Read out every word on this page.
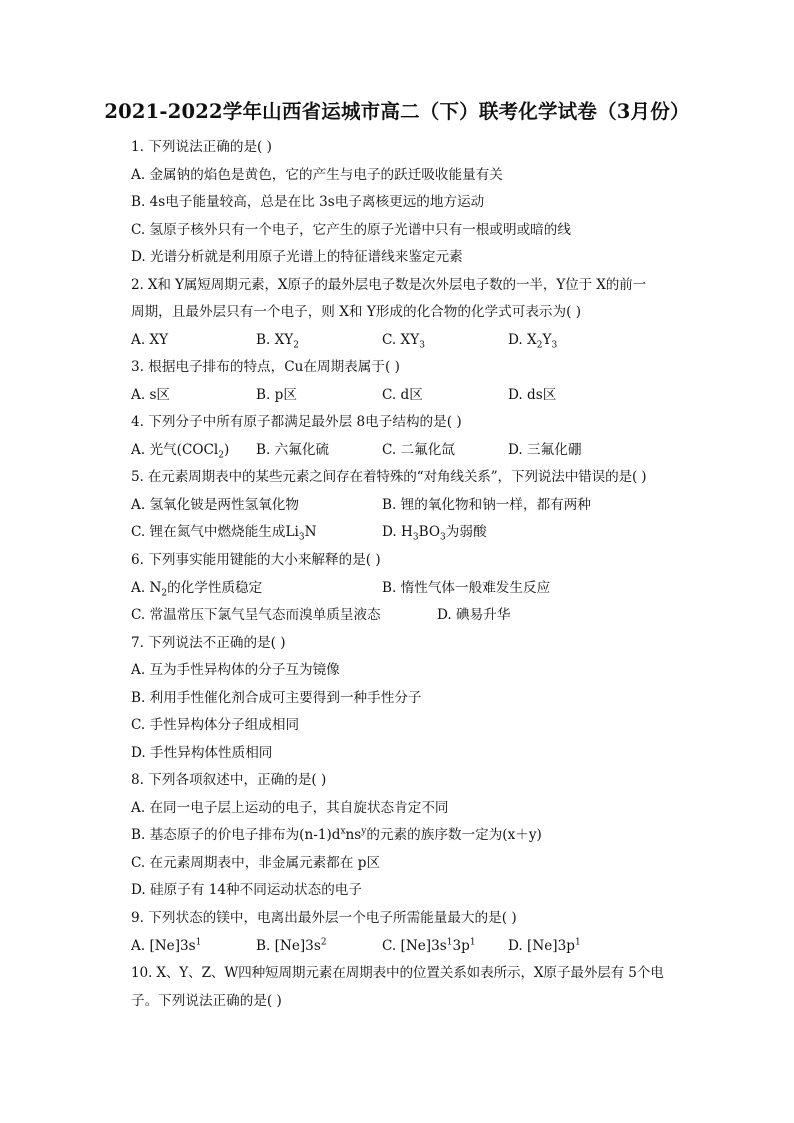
2021-2022学年山西省运城市高二（下）联考化学试卷（3月份）
1. 下列说法正确的是( )
A. 金属钠的焰色是黄色，它的产生与电子的跃迁吸收能量有关
B. 4s电子能量较高，总是在比 3s电子离核更远的地方运动
C. 氢原子核外只有一个电子，它产生的原子光谱中只有一根或明或暗的线
D. 光谱分析就是利用原子光谱上的特征谱线来鉴定元素
2. X和 Y属短周期元素，X原子的最外层电子数是次外层电子数的一半，Y位于 X的前一
周期，且最外层只有一个电子，则 X和 Y形成的化合物的化学式可表示为( )
A. XY	B. $XY_2$	C. $XY_3$	D. $X_2Y_3$
3. 根据电子排布的特点，Cu在周期表属于( )
A. s区	B. p区	C. d区	D. ds区
4. 下列分子中所有原子都满足最外层 8电子结构的是( )
A. 光气(COCl$_2$) B. 六氟化硫	C. 二氟化氙	D. 三氟化硼
5. 在元素周期表中的某些元素之间存在着特殊的“对角线关系”，下列说法中错误的是( )
A. 氢氧化铍是两性氢氧化物	B. 锂的氧化物和钠一样，都有两种
C. 锂在氮气中燃烧能生成$Li_3N$	D. $H_3BO_3$为弱酸
6. 下列事实能用键能的大小来解释的是( )
A. $N_2$的化学性质稳定	B. 惰性气体一般难发生反应
C. 常温常压下氯气呈气态而溴单质呈液态	D. 碘易升华
7. 下列说法不正确的是( )
A. 互为手性异构体的分子互为镜像
B. 利用手性催化剂合成可主要得到一种手性分子
C. 手性异构体分子组成相同
D. 手性异构体性质相同
8. 下列各项叙述中，正确的是( )
A. 在同一电子层上运动的电子，其自旋状态肯定不同
B. 基态原子的价电子排布为$(n-1)d^xns^y$的元素的族序数一定为(x＋y)
C. 在元素周期表中，非金属元素都在 p区
D. 硅原子有 14种不同运动状态的电子
9. 下列状态的镁中，电离出最外层一个电子所需能量最大的是( )
A. $[Ne]3s^1$	B. $[Ne]3s^2$	C. $[Ne]3s^13p^1$ D. $[Ne]3p^1$
10. X、Y、Z、W四种短周期元素在周期表中的位置关系如表所示，X原子最外层有 5个电
子。下列说法正确的是( )
